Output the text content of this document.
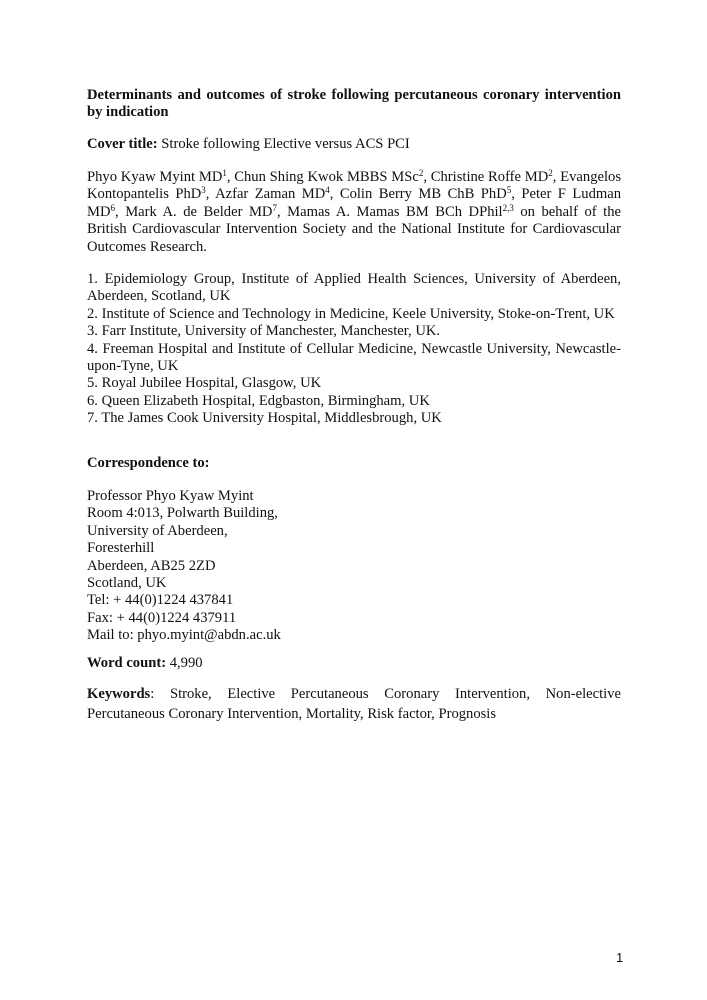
Determinants and outcomes of stroke following percutaneous coronary intervention by indication
Cover title: Stroke following Elective versus ACS PCI
Phyo Kyaw Myint $MD^1$, Chun Shing Kwok MBBS MSc$^2$, Christine Roffe $MD^2$, Evangelos Kontopantelis PhD$^3$, Azfar Zaman $MD^4$, Colin Berry MB ChB PhD$^5$, Peter F Ludman $MD^6$, Mark A. de Belder $MD^7$, Mamas A. Mamas BM BCh DPhil$^{2,3}$ on behalf of the British Cardiovascular Intervention Society and the National Institute for Cardiovascular Outcomes Research.
1. Epidemiology Group, Institute of Applied Health Sciences, University of Aberdeen, Aberdeen, Scotland, UK
2. Institute of Science and Technology in Medicine, Keele University, Stoke-on-Trent, UK
3. Farr Institute, University of Manchester, Manchester, UK.
4. Freeman Hospital and Institute of Cellular Medicine, Newcastle University, Newcastle-upon-Tyne, UK
5. Royal Jubilee Hospital, Glasgow, UK
6. Queen Elizabeth Hospital, Edgbaston, Birmingham, UK
7. The James Cook University Hospital, Middlesbrough, UK
Correspondence to:
Professor Phyo Kyaw Myint
Room 4:013, Polwarth Building,
University of Aberdeen,
Foresterhill
Aberdeen, AB25 2ZD
Scotland, UK
Tel: + 44(0)1224 437841
Fax: + 44(0)1224 437911
Mail to: phyo.myint@abdn.ac.uk
Word count: 4,990
Keywords: Stroke, Elective Percutaneous Coronary Intervention, Non-elective Percutaneous Coronary Intervention, Mortality, Risk factor, Prognosis
1
